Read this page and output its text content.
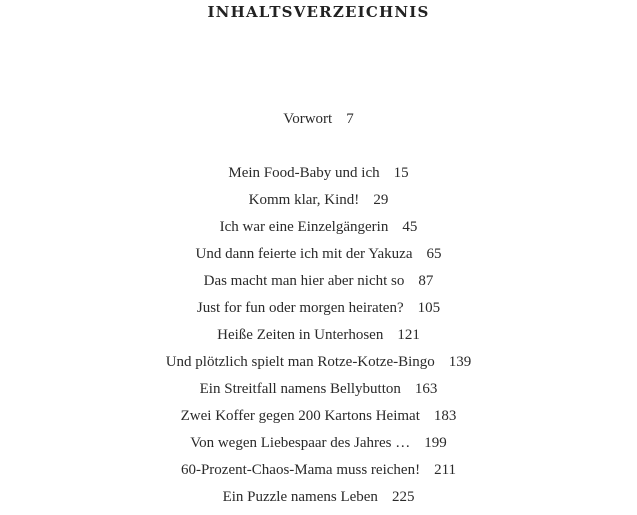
INHALTSVERZEICHNIS
Vorwort 7
Mein Food-Baby und ich 15
Komm klar, Kind! 29
Ich war eine Einzelgängerin 45
Und dann feierte ich mit der Yakuza 65
Das macht man hier aber nicht so 87
Just for fun oder morgen heiraten? 105
Heiße Zeiten in Unterhosen 121
Und plötzlich spielt man Rotze-Kotze-Bingo 139
Ein Streitfall namens Bellybutton 163
Zwei Koffer gegen 200 Kartons Heimat 183
Von wegen Liebespaar des Jahres … 199
60-Prozent-Chaos-Mama muss reichen! 211
Ein Puzzle namens Leben 225
